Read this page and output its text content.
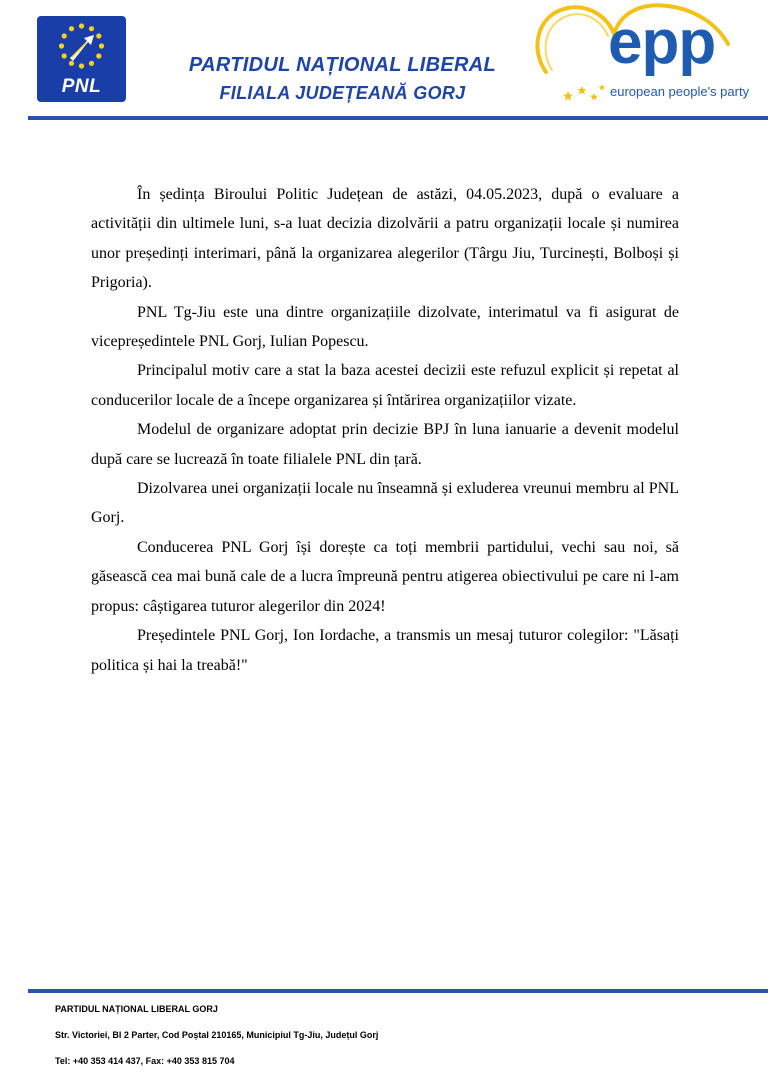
PNL
PARTIDUL NAȚIONAL LIBERAL
FILIALA JUDEȚEANĂ GORJ
epp
european people's party

În ședința Biroului Politic Județean de astăzi, 04.05.2023, după o evaluare a activității din ultimele luni, s-a luat decizia dizolvării a patru organizații locale și numirea unor președinți interimari, până la organizarea alegerilor (Târgu Jiu, Turcinești, Bolboși și Prigoria).

PNL Tg-Jiu este una dintre organizațiile dizolvate, interimatul va fi asigurat de vicepreședintele PNL Gorj, Iulian Popescu.

Principalul motiv care a stat la baza acestei decizii este refuzul explicit și repetat al conducerilor locale de a începe organizarea și întărirea organizațiilor vizate.

Modelul de organizare adoptat prin decizie BPJ în luna ianuarie a devenit modelul după care se lucrează în toate filialele PNL din țară.

Dizolvarea unei organizații locale nu înseamnă și exluderea vreunui membru al PNL Gorj.

Conducerea PNL Gorj își dorește ca toți membrii partidului, vechi sau noi, să găsească cea mai bună cale de a lucra împreună pentru atigerea obiectivului pe care ni l-am propus: câștigarea tuturor alegerilor din 2024!

Președintele PNL Gorj, Ion Iordache, a transmis un mesaj tuturor colegilor: "Lăsați politica și hai la treabă!"

PARTIDUL NAȚIONAL LIBERAL GORJ
Str. Victoriei, Bl 2 Parter, Cod Poștal 210165, Municipiul Tg-Jiu, Județul Gorj
Tel: +40 353 414 437, Fax: +40 353 815 704
